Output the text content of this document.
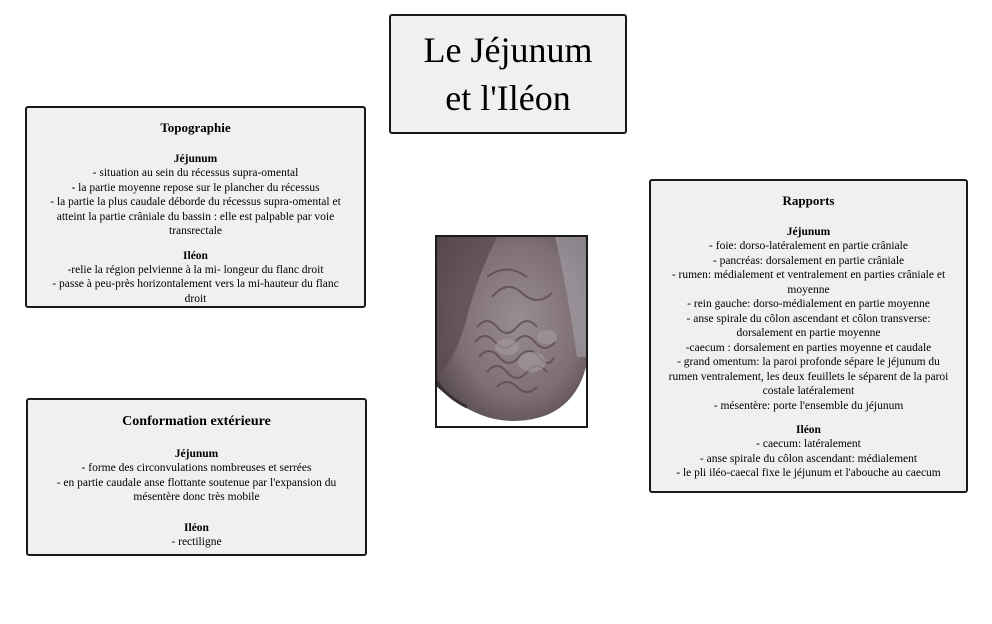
Le Jéjunum
et l'Iléon
Topographie
Jéjunum
- situation au sein du récessus supra-omental
- la partie moyenne repose sur le plancher du récessus
- la partie la plus caudale déborde du récessus supra-omental et
atteint la partie crâniale du bassin : elle est palpable par voie
transrectale
Iléon
-relie la région pelvienne à la mi- longeur du flanc droit
- passe à peu-près horizontalement vers la mi-hauteur du flanc
droit
Conformation extérieure
Jéjunum
- forme des circonvulations nombreuses et serrées
- en partie caudale anse flottante soutenue par l'expansion du
mésentère donc très mobile
Iléon
- rectiligne
Rapports
Jéjunum
- foie: dorso-latéralement en partie crâniale
- pancréas: dorsalement en partie crâniale
- rumen: médialement et ventralement en parties crâniale et
moyenne
- rein gauche: dorso-médialement en partie moyenne
- anse spirale du côlon ascendant et côlon transverse:
dorsalement en partie moyenne
-caecum : dorsalement en parties moyenne et caudale
- grand omentum: la paroi profonde sépare le jéjunum du
rumen ventralement, les deux feuillets le séparent de la paroi
costale latéralement
- mésentère: porte l'ensemble du jéjunum
Iléon
- caecum: latéralement
- anse spirale du côlon ascendant: médialement
- le pli iléo-caecal fixe le jéjunum et l'abouche au caecum
